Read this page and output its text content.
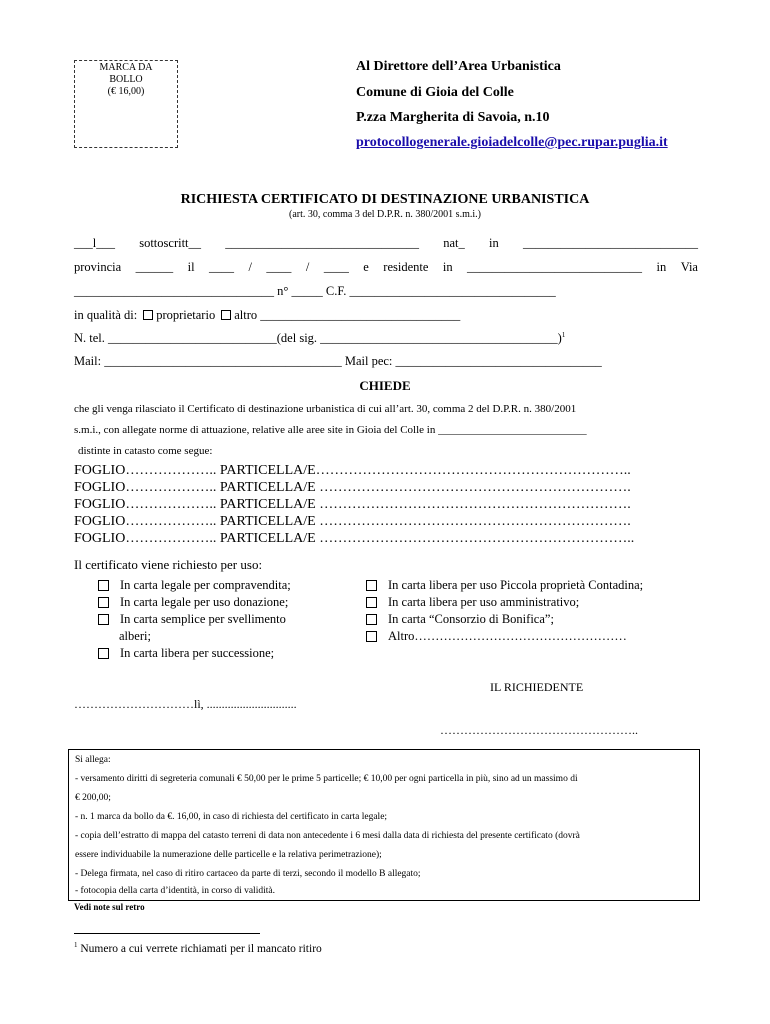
MARCA DA
BOLLO
(€ 16,00)
Al Direttore dell’Area Urbanistica
Comune di Gioia del Colle
P.zza Margherita di Savoia, n.10
protocollogenerale.gioiadelcolle@pec.rupar.puglia.it
RICHIESTA CERTIFICATO DI DESTINAZIONE URBANISTICA
(art. 30, comma 3 del D.P.R. n. 380/2001 s.m.i.)
___l___ sottoscritt__ _______________________________ nat_ in ____________________________
provincia ______ il ____ / ____ / ____ e residente in ____________________________ in Via
________________________________ n° _____ C.F. _________________________________
in qualità di: proprietario altro ________________________________
N. tel. ___________________________(del sig. ______________________________________)$^1$
Mail: ______________________________________ Mail pec: _________________________________
CHIEDE
che gli venga rilasciato il Certificato di destinazione urbanistica di cui all’art. 30, comma 2 del D.P.R. n. 380/2001
s.m.i., con allegate norme di attuazione, relative alle aree site in Gioia del Colle in ___________________________
distinte in catasto come segue:
FOGLIO……………….. PARTICELLA/E…………………………………………………………..
FOGLIO……………….. PARTICELLA/E ………………………………………………………….
FOGLIO……………….. PARTICELLA/E ………………………………………………………….
FOGLIO……………….. PARTICELLA/E ………………………………………………………….
FOGLIO……………….. PARTICELLA/E …………………………………………………………..
Il certificato viene richiesto per uso:
In carta legale per compravendita;
In carta legale per uso donazione;
In carta semplice per svellimento
alberi;
In carta libera per successione;
In carta libera per uso Piccola proprietà Contadina;
In carta libera per uso amministrativo;
In carta “Consorzio di Bonifica”;
Altro……………………………………………
IL RICHIEDENTE
…………………………lì, ..............................
…………………………………………..
Si allega:
- versamento diritti di segreteria comunali € 50,00 per le prime 5 particelle; € 10,00 per ogni particella in più, sino ad un massimo di
€ 200,00;
- n. 1 marca da bollo da €. 16,00, in caso di richiesta del certificato in carta legale;
- copia dell’estratto di mappa del catasto terreni di data non antecedente i 6 mesi dalla data di richiesta del presente certificato (dovrà
essere individuabile la numerazione delle particelle e la relativa perimetrazione);
- Delega firmata, nel caso di ritiro cartaceo da parte di terzi, secondo il modello B allegato;
- fotocopia della carta d’identità, in corso di validità.
Vedi note sul retro
$^1$ Numero a cui verrete richiamati per il mancato ritiro
